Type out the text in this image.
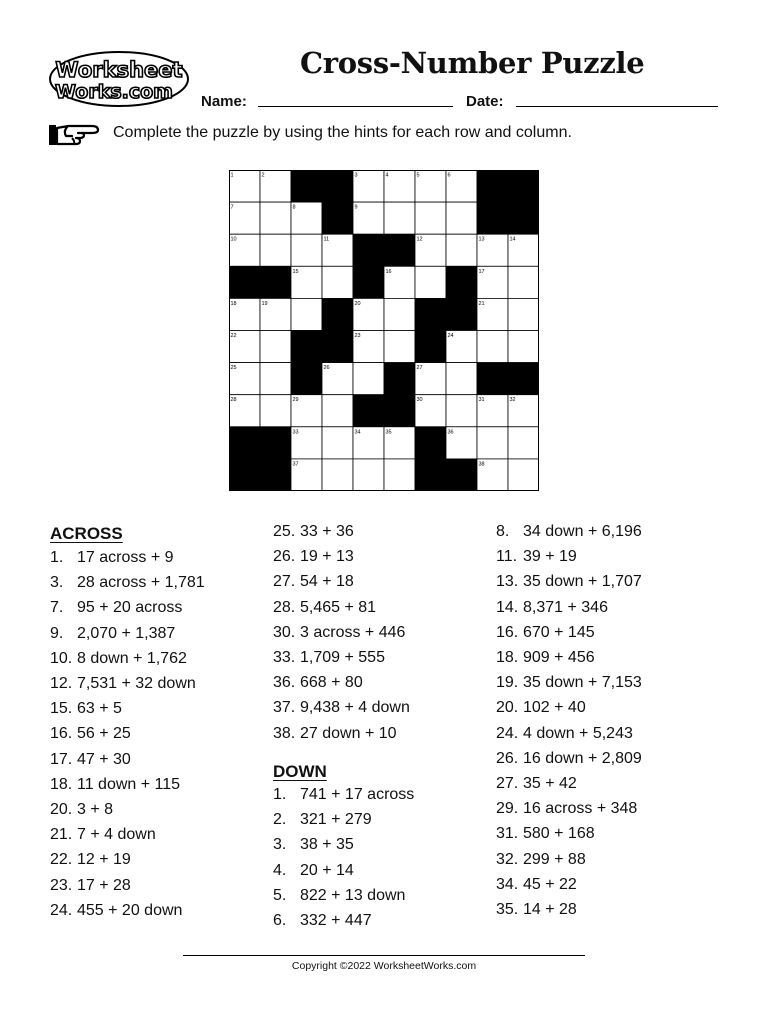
Worksheet
Works.com
Cross-Number Puzzle
Name:	Date:
Complete the puzzle by using the hints for each row and column.
1	2	3	4	5	6
7	8	9
10	11	12	13	14
15	16	17
18	19	20	21
22	23	24
25	26	27
28	29	30	31	32
33	34	35	36
37	38
ACROSS
DOWN
1. 17 across + 9
3. 28 across + 1,781
7. 95 + 20 across
9. 2,070 + 1,387
10. 8 down + 1,762
12. 7,531 + 32 down
15. 63 + 5
16. 56 + 25
17. 47 + 30
18. 11 down + 115
20. 3 + 8
21. 7 + 4 down
22. 12 + 19
23. 17 + 28
24. 455 + 20 down
25. 33 + 36
26. 19 + 13
27. 54 + 18
28. 5,465 + 81
30. 3 across + 446
33. 1,709 + 555
36. 668 + 80
37. 9,438 + 4 down
38. 27 down + 10
1. 741 + 17 across
2. 321 + 279
3. 38 + 35
4. 20 + 14
5. 822 + 13 down
6. 332 + 447
8. 34 down + 6,196
11. 39 + 19
13. 35 down + 1,707
14. 8,371 + 346
16. 670 + 145
18. 909 + 456
19. 35 down + 7,153
20. 102 + 40
24. 4 down + 5,243
26. 16 down + 2,809
27. 35 + 42
29. 16 across + 348
31. 580 + 168
32. 299 + 88
34. 45 + 22
35. 14 + 28
Copyright ©2022 WorksheetWorks.com
